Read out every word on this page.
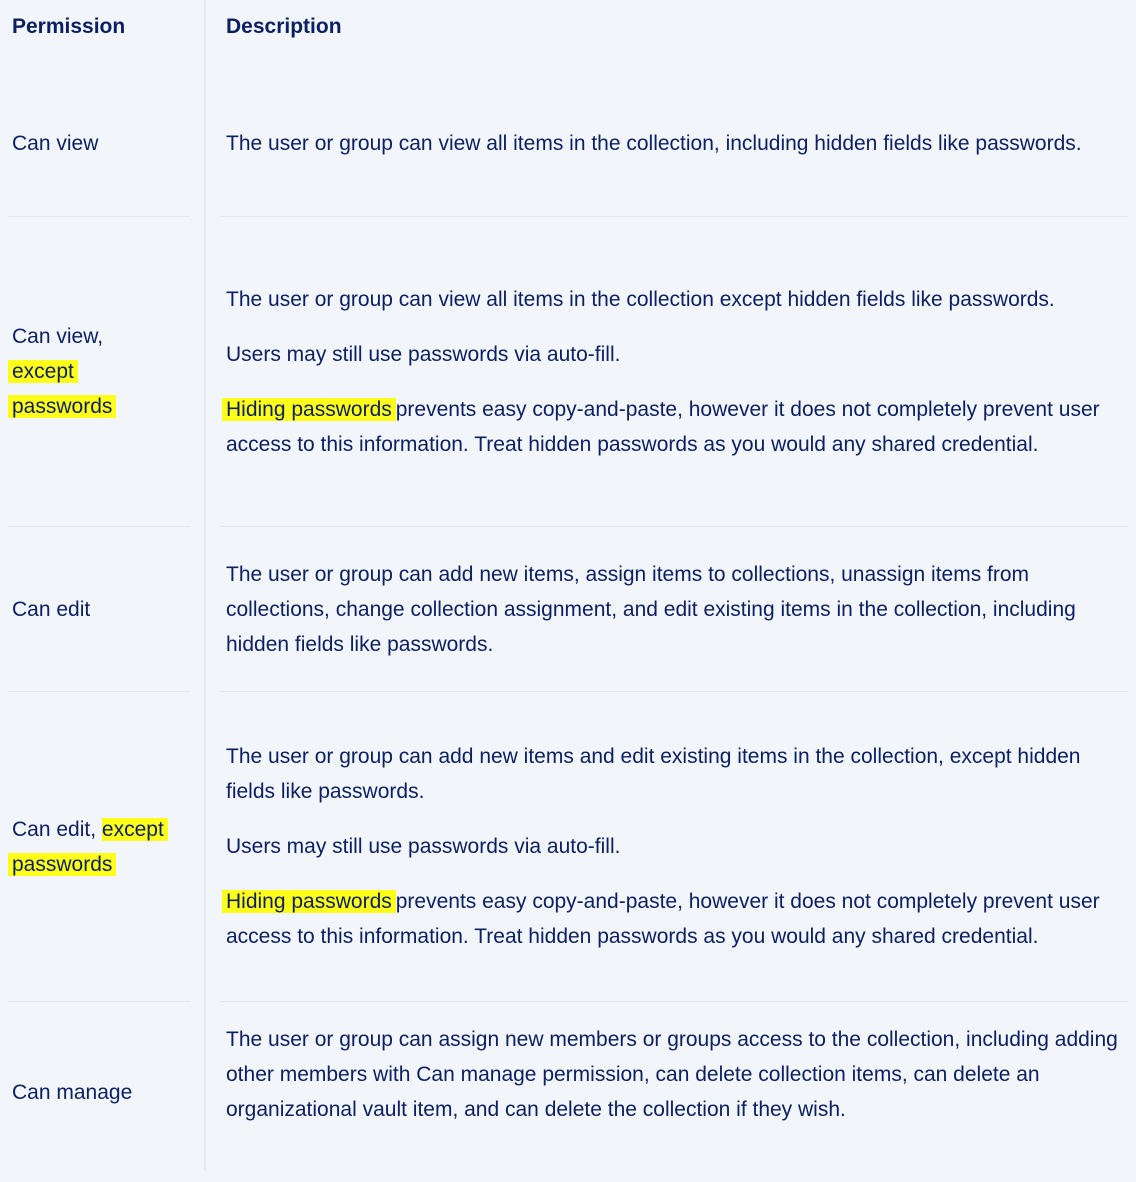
Permission	Description
Can view	The user or group can view all items in the collection, including hidden fields like passwords.

Can view,
except
passwords

The user or group can view all items in the collection except hidden fields like passwords.

Users may still use passwords via auto-fill.

Hiding passwords prevents easy copy-and-paste, however it does not completely prevent user access to this information. Treat hidden passwords as you would any shared credential.

Can edit

The user or group can add new items, assign items to collections, unassign items from collections, change collection assignment, and edit existing items in the collection, including hidden fields like passwords.

Can edit, except
passwords

The user or group can add new items and edit existing items in the collection, except hidden fields like passwords.

Users may still use passwords via auto-fill.

Hiding passwords prevents easy copy-and-paste, however it does not completely prevent user access to this information. Treat hidden passwords as you would any shared credential.

Can manage

The user or group can assign new members or groups access to the collection, including adding other members with Can manage permission, can delete collection items, can delete an organizational vault item, and can delete the collection if they wish.
